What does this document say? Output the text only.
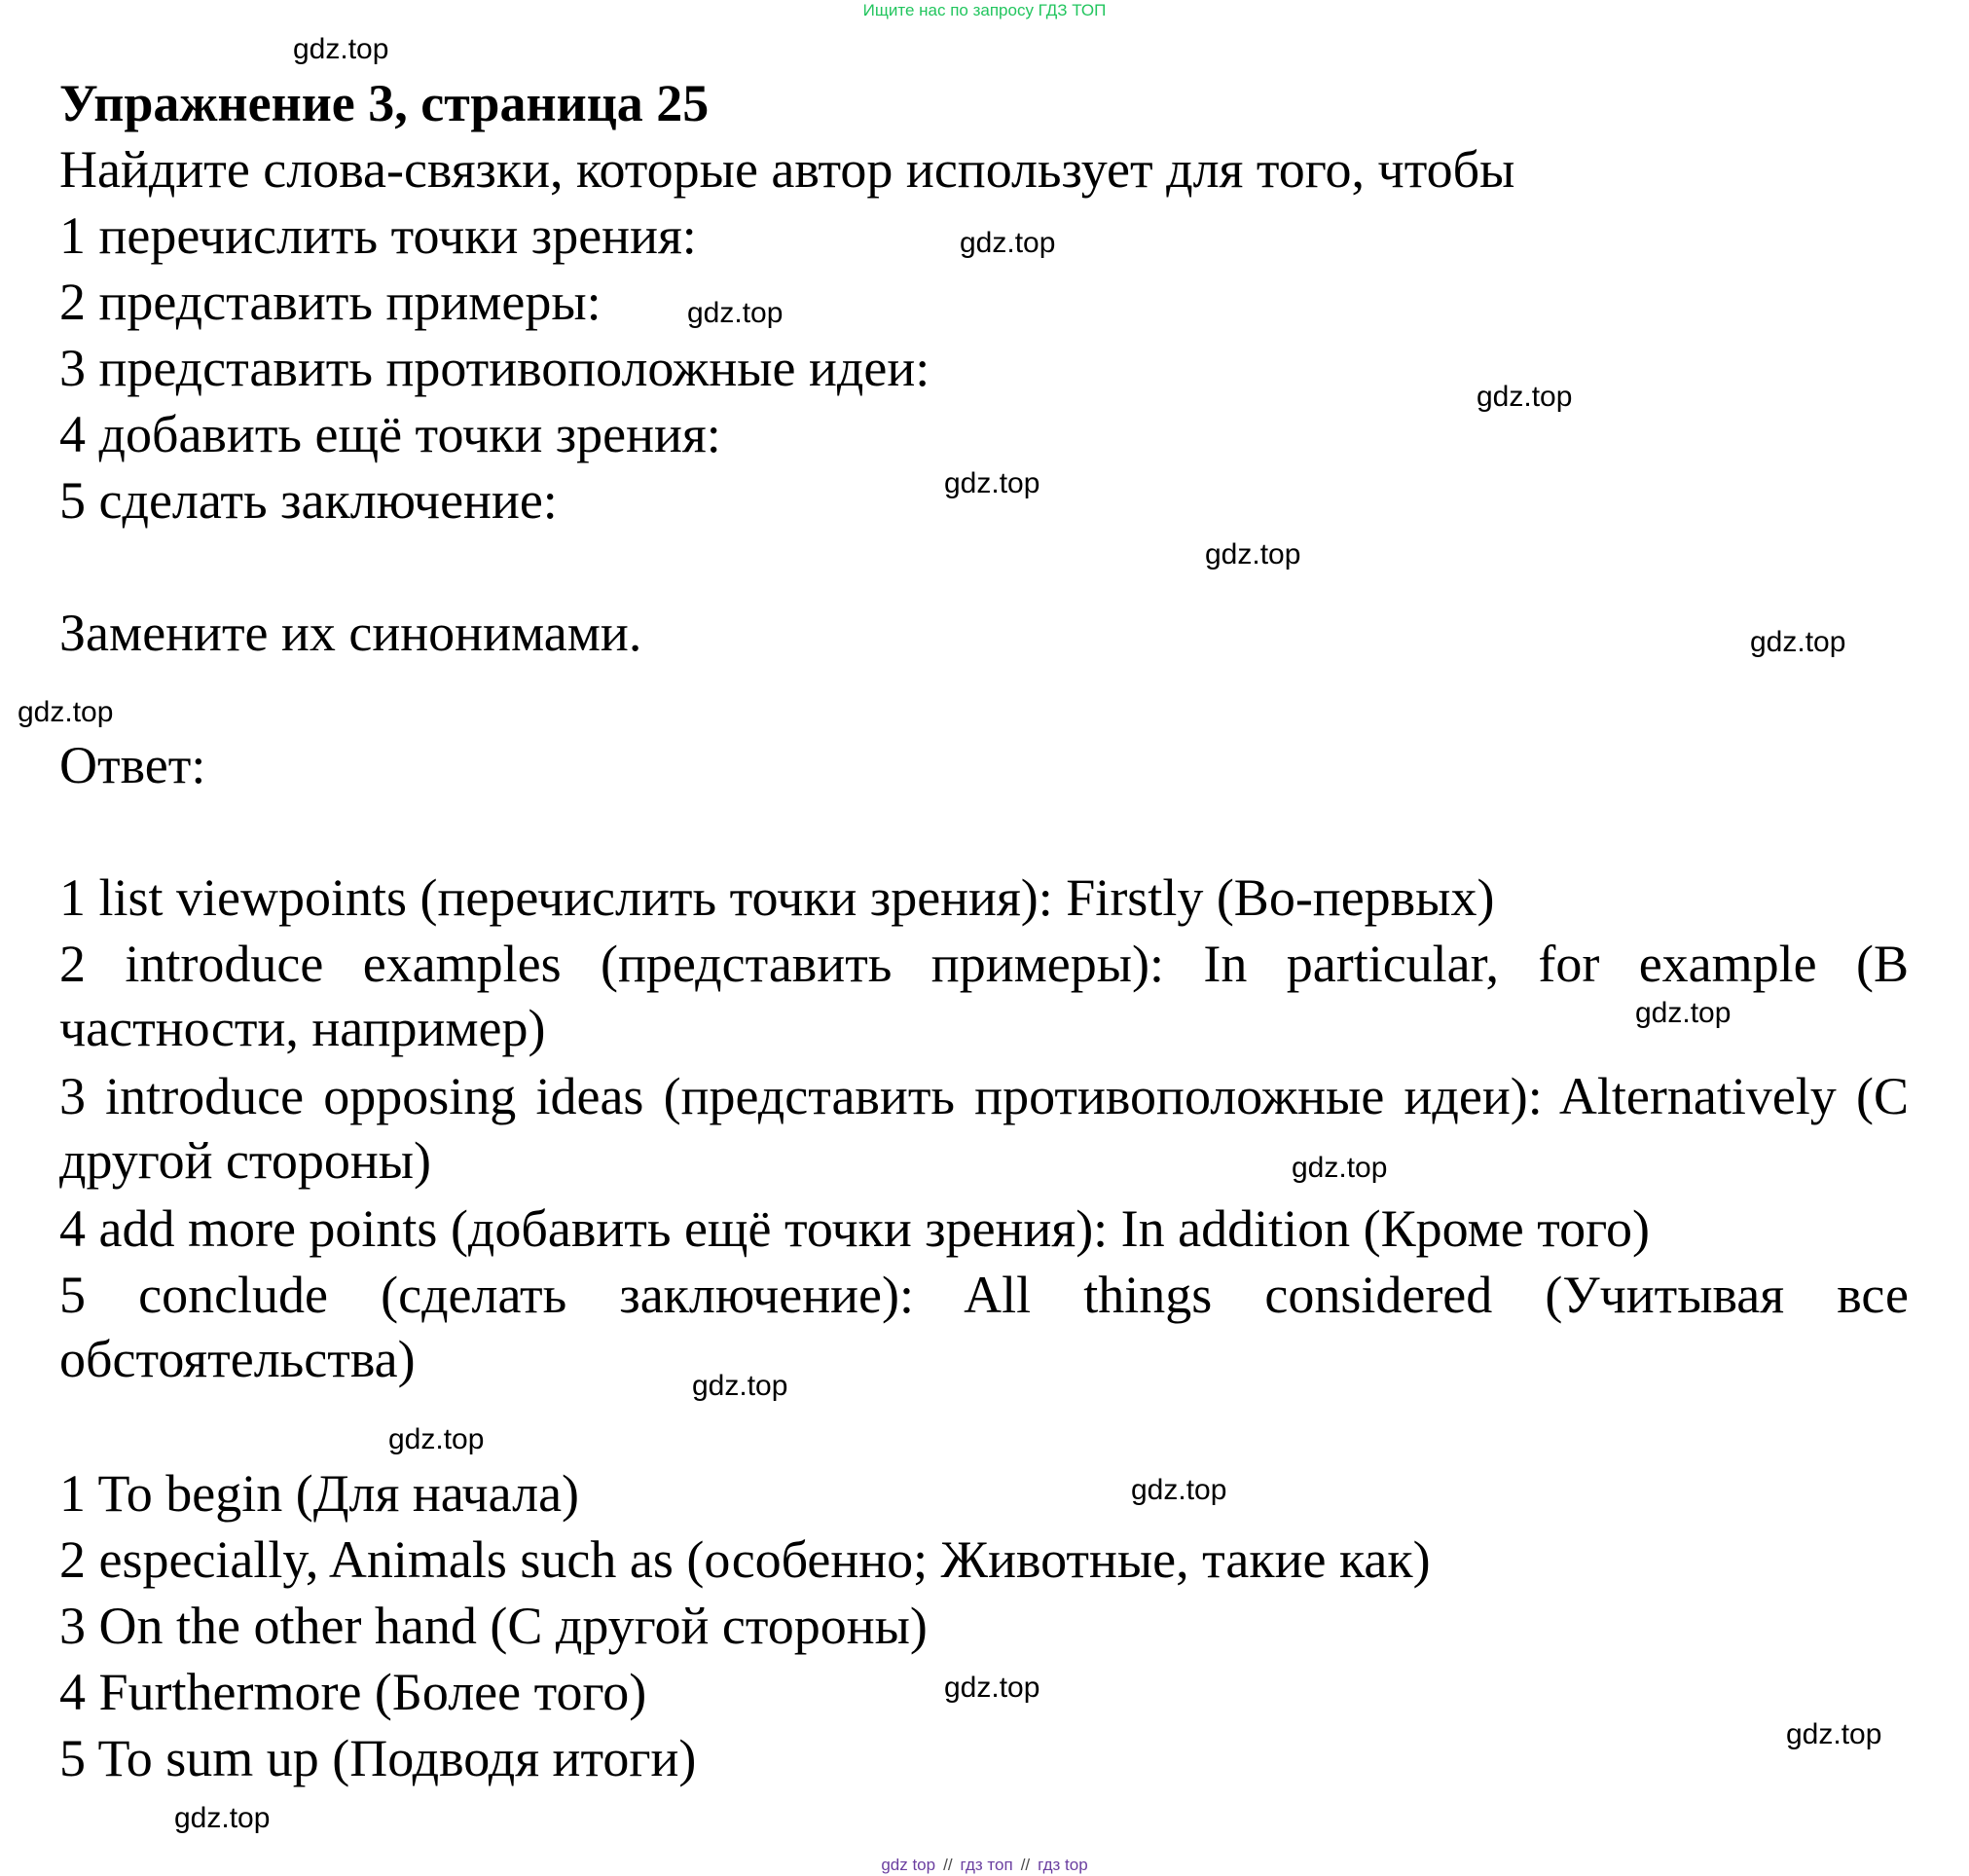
Ищите нас по запросу ГДЗ ТОП
Упражнение 3, страница 25
Найдите слова-связки, которые автор использует для того, чтобы
1 перечислить точки зрения:
2 представить примеры:
3 представить противоположные идеи:
4 добавить ещё точки зрения:
5 сделать заключение:
Замените их синонимами.
Ответ:
1 list viewpoints (перечислить точки зрения): Firstly (Во-первых)
2 introduce examples (представить примеры): In particular, for example (В частности, например)
3 introduce opposing ideas (представить противоположные идеи): Alternatively (С другой стороны)
4 add more points (добавить ещё точки зрения): In addition (Кроме того)
5 conclude (сделать заключение): All things considered (Учитывая все обстоятельства)
1 To begin (Для начала)
2 especially, Animals such as (особенно; Животные, такие как)
3 On the other hand (С другой стороны)
4 Furthermore (Более того)
5 To sum up (Подводя итоги)
gdz.top
gdz.top
gdz.top
gdz.top
gdz.top
gdz.top
gdz.top
gdz.top
gdz.top
gdz.top
gdz.top
gdz.top
gdz.top
gdz.top
gdz.top
gdz.top
gdz top // гдз топ // гдз top
